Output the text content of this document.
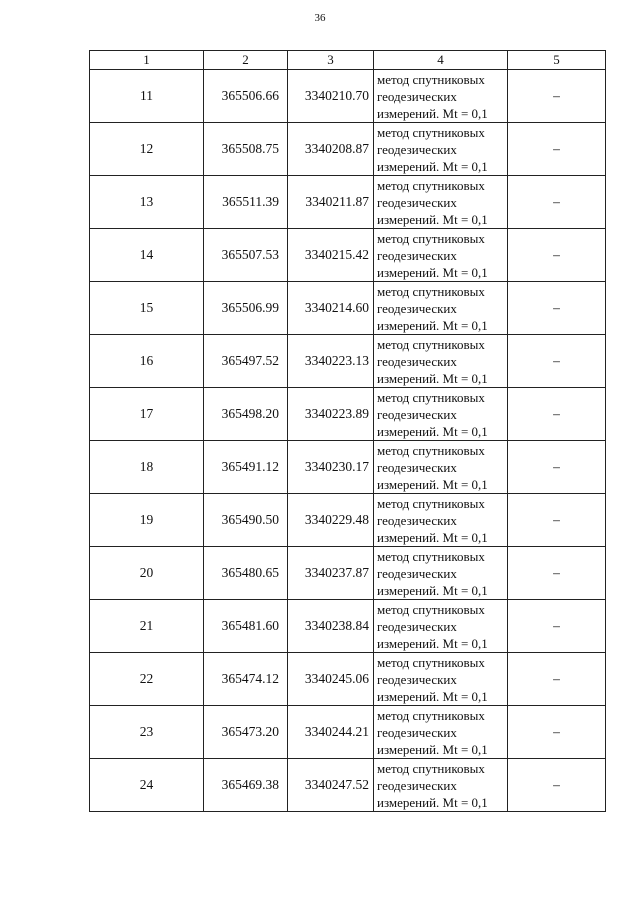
36
1	2	3	4	5
11	365506.66	3340210.70	метод спутниковых
геодезических
измерений. Mt = 0,1	–
12	365508.75	3340208.87	метод спутниковых
геодезических
измерений. Mt = 0,1	–
13	365511.39	3340211.87	метод спутниковых
геодезических
измерений. Mt = 0,1	–
14	365507.53	3340215.42	метод спутниковых
геодезических
измерений. Mt = 0,1	–
15	365506.99	3340214.60	метод спутниковых
геодезических
измерений. Mt = 0,1	–
16	365497.52	3340223.13	метод спутниковых
геодезических
измерений. Mt = 0,1	–
17	365498.20	3340223.89	метод спутниковых
геодезических
измерений. Mt = 0,1	–
18	365491.12	3340230.17	метод спутниковых
геодезических
измерений. Mt = 0,1	–
19	365490.50	3340229.48	метод спутниковых
геодезических
измерений. Mt = 0,1	–
20	365480.65	3340237.87	метод спутниковых
геодезических
измерений. Mt = 0,1	–
21	365481.60	3340238.84	метод спутниковых
геодезических
измерений. Mt = 0,1	–
22	365474.12	3340245.06	метод спутниковых
геодезических
измерений. Mt = 0,1	–
23	365473.20	3340244.21	метод спутниковых
геодезических
измерений. Mt = 0,1	–
24	365469.38	3340247.52	метод спутниковых
геодезических
измерений. Mt = 0,1	–
